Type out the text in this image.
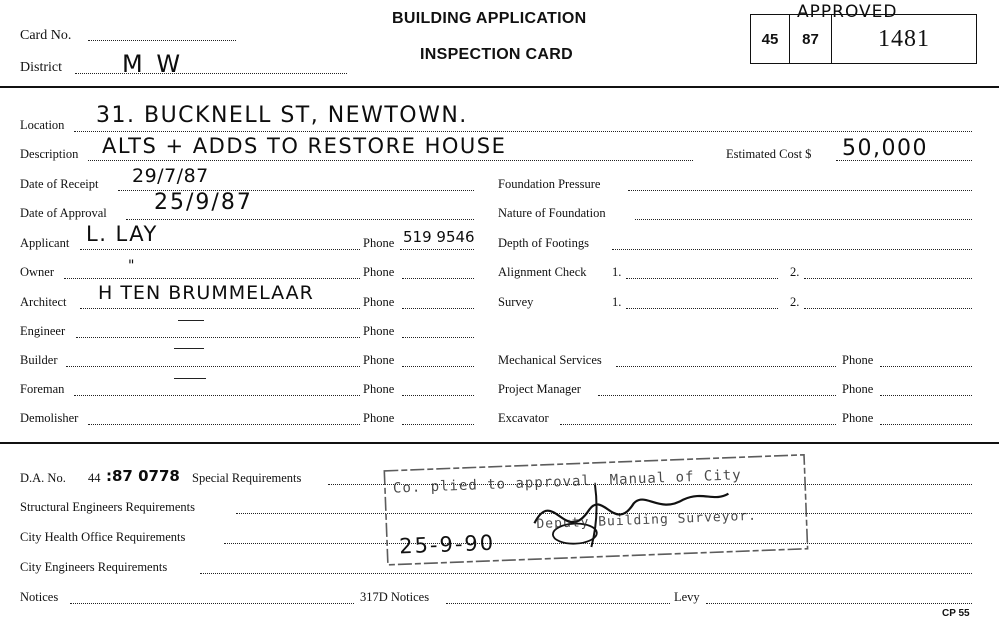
Card No.
District	M W
BUILDING APPLICATION
INSPECTION CARD
APPROVED
45 87 1481
Location 31. BUCKNELL ST, NEWTOWN.
Description ALTS + ADDS TO RESTORE HOUSE	Estimated Cost $ 50,000
Date of Receipt 29/7/87	Foundation Pressure
Date of Approval 25/9/87	Nature of Foundation
Applicant L. LAY	Phone 519 9546 Depth of Footings
Owner	"	Phone	Alignment Check 1.	2.
Architect H TEN BRUMMELAAR	Phone	Survey	1.	2.
Engineer	Phone
Builder	Phone	Mechanical Services	Phone
Foreman	Phone	Project Manager	Phone
Demolisher	Phone	Excavator	Phone
D.A. No. 44 :87 0778 Special Requirements
Structural Engineers Requirements
City Health Office Requirements
City Engineers Requirements
Notices	317D Notices	Levy
Co. plied to approval. Manual of City
Deputy Building Surveyor.
25-9-90
CP 55
